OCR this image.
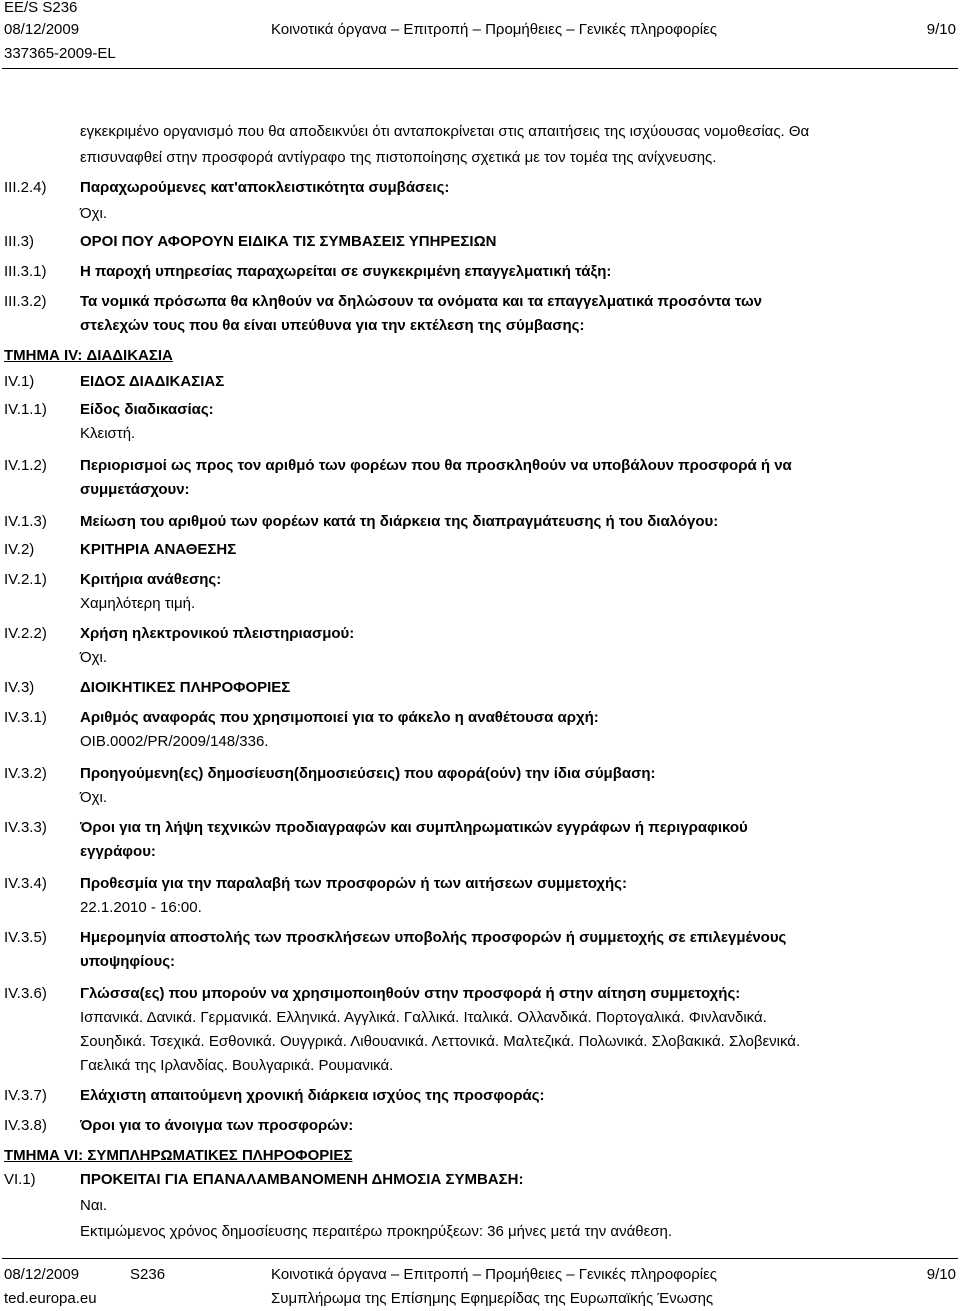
EE/S S236
08/12/2009	Κοινοτικά όργανα – Επιτροπή – Προμήθειες – Γενικές πληροφορίες	9/10
337365-2009-EL
εγκεκριμένο οργανισμό που θα αποδεικνύει ότι ανταποκρίνεται στις απαιτήσεις της ισχύουσας νομοθεσίας. Θα
επισυναφθεί στην προσφορά αντίγραφο της πιστοποίησης σχετικά με τον τομέα της ανίχνευσης.
III.2.4)	Παραχωρούμενες κατ'αποκλειστικότητα συμβάσεις:
Όχι.
III.3)	ΟΡΟΙ ΠΟΥ ΑΦΟΡΟΥΝ ΕΙΔΙΚΑ ΤΙΣ ΣΥΜΒΑΣΕΙΣ ΥΠΗΡΕΣΙΩΝ
III.3.1)	Η παροχή υπηρεσίας παραχωρείται σε συγκεκριμένη επαγγελματική τάξη:
III.3.2)	Τα νομικά πρόσωπα θα κληθούν να δηλώσουν τα ονόματα και τα επαγγελματικά προσόντα των
στελεχών τους που θα είναι υπεύθυνα για την εκτέλεση της σύμβασης:
ΤΜΗΜΑ IV: ΔΙΑΔΙΚΑΣΙΑ
IV.1)	ΕΙΔΟΣ ΔΙΑΔΙΚΑΣΙΑΣ
IV.1.1)	Είδος διαδικασίας:
Κλειστή.
IV.1.2)	Περιορισμοί ως προς τον αριθμό των φορέων που θα προσκληθούν να υποβάλουν προσφορά ή να
συμμετάσχουν:
IV.1.3)	Μείωση του αριθμού των φορέων κατά τη διάρκεια της διαπραγμάτευσης ή του διαλόγου:
IV.2)	ΚΡΙΤΗΡΙΑ ΑΝΑΘΕΣΗΣ
IV.2.1)	Κριτήρια ανάθεσης:
Χαμηλότερη τιμή.
IV.2.2)	Χρήση ηλεκτρονικού πλειστηριασμού:
Όχι.
IV.3)	ΔΙΟΙΚΗΤΙΚΕΣ ΠΛΗΡΟΦΟΡΙΕΣ
IV.3.1)	Αριθμός αναφοράς που χρησιμοποιεί για το φάκελο η αναθέτουσα αρχή:
OIB.0002/PR/2009/148/336.
IV.3.2)	Προηγούμενη(ες) δημοσίευση(δημοσιεύσεις) που αφορά(ούν) την ίδια σύμβαση:
Όχι.
IV.3.3)	Όροι για τη λήψη τεχνικών προδιαγραφών και συμπληρωματικών εγγράφων ή περιγραφικού
εγγράφου:
IV.3.4)	Προθεσμία για την παραλαβή των προσφορών ή των αιτήσεων συμμετοχής:
22.1.2010 - 16:00.
IV.3.5)	Ημερομηνία αποστολής των προσκλήσεων υποβολής προσφορών ή συμμετοχής σε επιλεγμένους
υποψηφίους:
IV.3.6)	Γλώσσα(ες) που μπορούν να χρησιμοποιηθούν στην προσφορά ή στην αίτηση συμμετοχής:
Ισπανικά. Δανικά. Γερμανικά. Ελληνικά. Αγγλικά. Γαλλικά. Ιταλικά. Ολλανδικά. Πορτογαλικά. Φινλανδικά.
Σουηδικά. Τσεχικά. Εσθονικά. Ουγγρικά. Λιθουανικά. Λεττονικά. Μαλτεζικά. Πολωνικά. Σλοβακικά. Σλοβενικά.
Γαελικά της Ιρλανδίας. Βουλγαρικά. Ρουμανικά.
IV.3.7)	Ελάχιστη απαιτούμενη χρονική διάρκεια ισχύος της προσφοράς:
IV.3.8)	Όροι για το άνοιγμα των προσφορών:
ΤΜΗΜΑ VI: ΣΥΜΠΛΗΡΩΜΑΤΙΚΕΣ ΠΛΗΡΟΦΟΡΙΕΣ
VI.1)	ΠΡΟΚΕΙΤΑΙ ΓΙΑ ΕΠΑΝΑΛΑΜΒΑΝΟΜΕΝΗ ΔΗΜΟΣΙΑ ΣΥΜΒΑΣΗ:
Ναι.
Εκτιμώμενος χρόνος δημοσίευσης περαιτέρω προκηρύξεων: 36 μήνες μετά την ανάθεση.
08/12/2009	S236	Κοινοτικά όργανα – Επιτροπή – Προμήθειες – Γενικές πληροφορίες	9/10
ted.europa.eu	Συμπλήρωμα της Επίσημης Εφημερίδας της Ευρωπαϊκής Ένωσης
